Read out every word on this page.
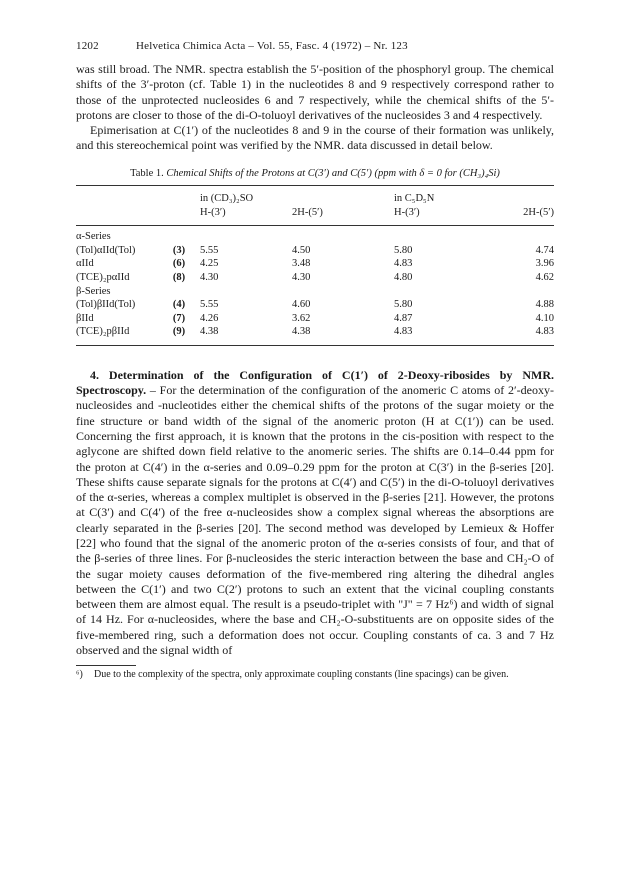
1202	Helvetica Chimica Acta – Vol. 55, Fasc. 4 (1972) – Nr. 123

was still broad. The NMR. spectra establish the 5′-position of the phosphoryl group. The chemical shifts of the 3′-proton (cf. Table 1) in the nucleotides 8 and 9 respectively correspond rather to those of the unprotected nucleosides 6 and 7 respectively, while the chemical shifts of the 5′-protons are closer to those of the di-O-toluoyl derivatives of the nucleosides 3 and 4 respectively.

Epimerisation at C(1′) of the nucleotides 8 and 9 in the course of their formation was unlikely, and this stereochemical point was verified by the NMR. data discussed in detail below.

Table 1. Chemical Shifts of the Protons at C(3′) and C(5′) (ppm with δ = 0 for (CH₃)₄Si)

		in (CD₃)₂SO		in C₅D₅N	
		H-(3′)	2H-(5′)	H-(3′)	2H-(5′)

α-Series					
(Tol)αIId(Tol)	(3)	5.55	4.50	5.80	4.74
αIId	(6)	4.25	3.48	4.83	3.96
(TCE)₂pαIId	(8)	4.30	4.30	4.80	4.62
β-Series					
(Tol)βIId(Tol)	(4)	5.55	4.60	5.80	4.88
βIId	(7)	4.26	3.62	4.87	4.10
(TCE)₂pβIId	(9)	4.38	4.38	4.83	4.83

4. Determination of the Configuration of C(1′) of 2-Deoxy-ribosides by NMR. Spectroscopy. – For the determination of the configuration of the anomeric C atoms of 2′-deoxy-nucleosides and -nucleotides either the chemical shifts of the protons of the sugar moiety or the fine structure or band width of the signal of the anomeric proton (H at C(1′)) can be used. Concerning the first approach, it is known that the protons in the cis-position with respect to the aglycone are shifted down field relative to the anomeric series. The shifts are 0.14–0.44 ppm for the proton at C(4′) in the α-series and 0.09–0.29 ppm for the proton at C(3′) in the β-series [20]. These shifts cause separate signals for the protons at C(4′) and C(5′) in the di-O-toluoyl derivatives of the α-series, whereas a complex multiplet is observed in the β-series [21]. However, the protons at C(3′) and C(4′) of the free α-nucleosides show a complex signal whereas the absorptions are clearly separated in the β-series [20]. The second method was developed by Lemieux & Hoffer [22] who found that the signal of the anomeric proton of the α-series consists of four, and that of the β-series of three lines. For β-nucleosides the steric interaction between the base and CH₂-O of the sugar moiety causes deformation of the five-membered ring altering the dihedral angles between the C(1′) and two C(2′) protons to such an extent that the vicinal coupling constants between them are almost equal. The result is a pseudo-triplet with "J" = 7 Hz⁶) and width of signal of 14 Hz. For α-nucleosides, where the base and CH₂-O-substituents are on opposite sides of the five-membered ring, such a deformation does not occur. Coupling constants of ca. 3 and 7 Hz observed and the signal width of

⁶)	Due to the complexity of the spectra, only approximate coupling constants (line spacings) can be given.
